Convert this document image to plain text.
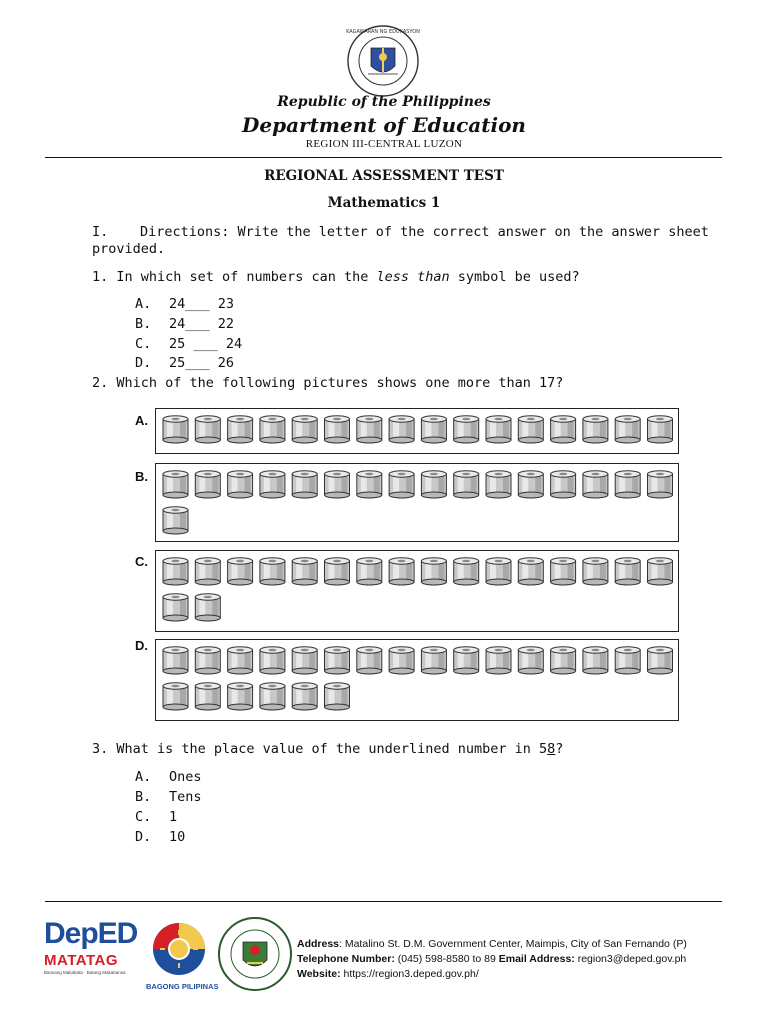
KAGAWARAN NG EDUKASYON
Republic of the Philippines
Department of Education
REGION III-CENTRAL LUZON
REGIONAL ASSESSMENT TEST
Mathematics 1
I. Directions: Write the letter of the correct answer on the answer sheet
provided.
1. In which set of numbers can the less than symbol be used?
A. 24___ 23
B. 24___ 22
C. 25 ___ 24
D. 25___ 26
2. Which of the following pictures shows one more than 17?
A.
B.
C.
D.
3. What is the place value of the underlined number in 58?
A. Ones
B. Tens
C. 1
D. 10
DepED
MATATAG
Bansang Makabata · Batang Makabansa
BAGONG PILIPINAS
Address: Matalino St. D.M. Government Center, Maimpis, City of San Fernando (P)
Telephone Number: (045) 598-8580 to 89 Email Address: region3@deped.gov.ph
Website: https://region3.deped.gov.ph/
